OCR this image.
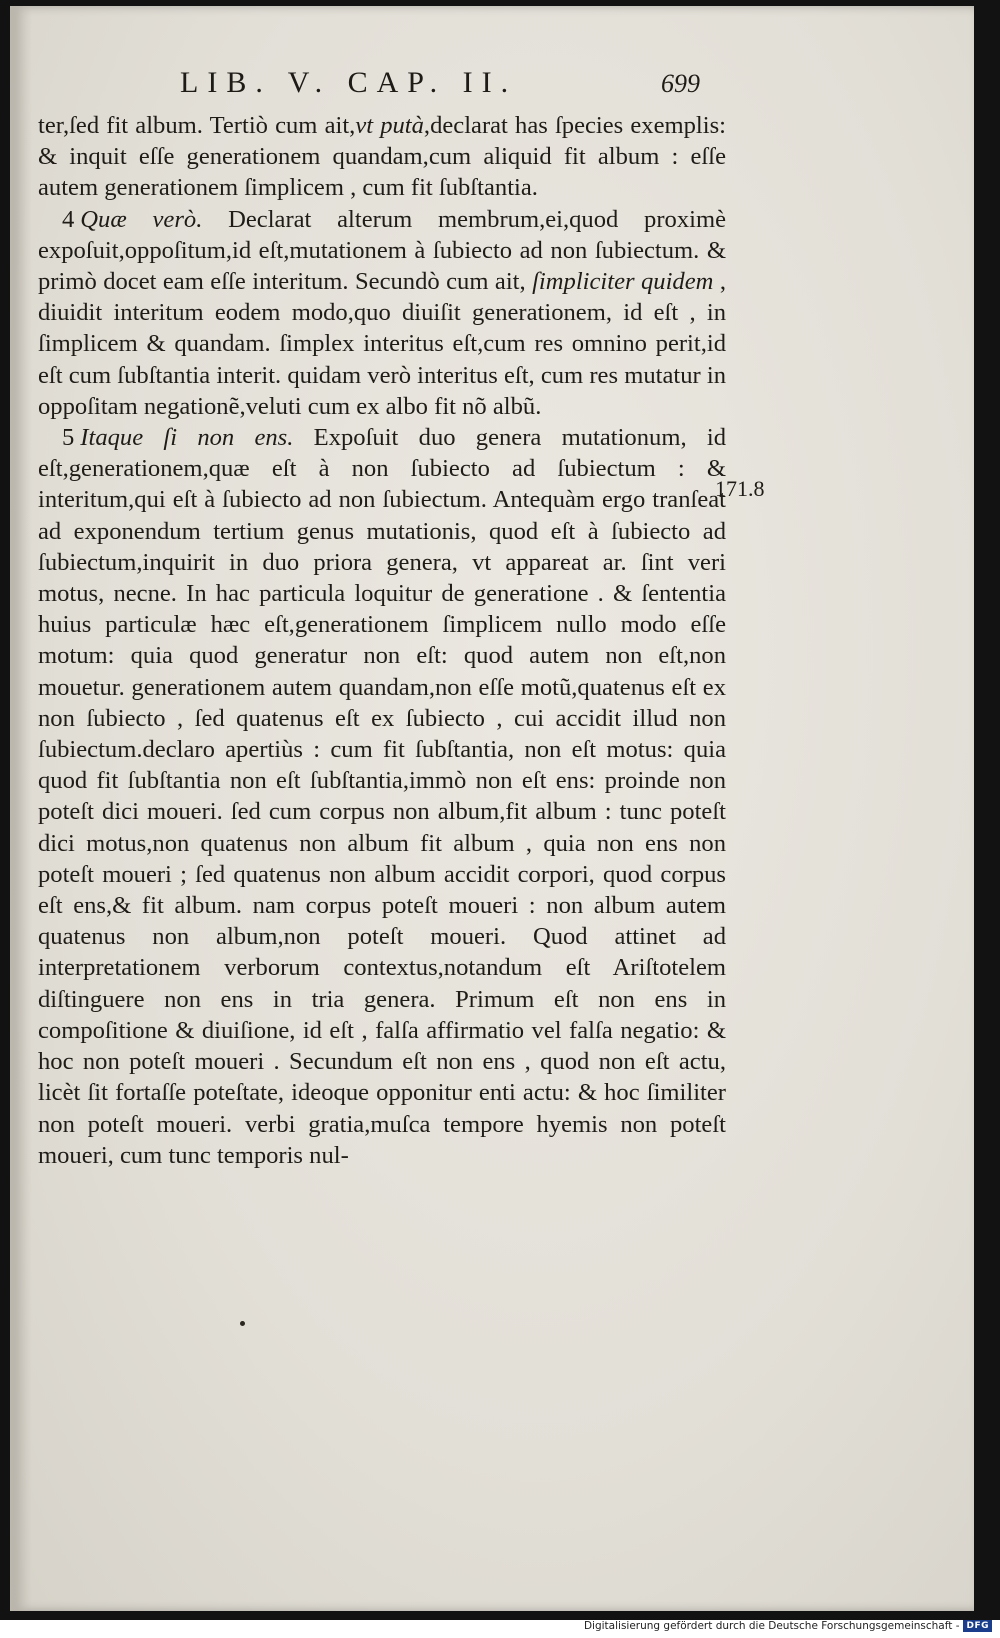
LIB. V. CAP. II.	699

ter,ſed fit album. Tertiò cum ait,vt putà,declarat has ſpecies exemplis: & inquit eſſe generationem quandam,cum aliquid fit album : eſſe autem generationem ſimplicem , cum fit ſubſtantia.

4 Quæ verò. Declarat alterum membrum,ei,quod proximè expoſuit,oppoſitum,id eſt,mutationem à ſubiecto ad non ſubiectum. & primò docet eam eſſe interitum. Secundò cum ait, ſimpliciter quidem , diuidit interitum eodem modo,quo diuiſit generationem, id eſt , in ſimplicem & quandam. ſimplex interitus eſt,cum res omnino perit,id eſt cum ſubſtantia interit. quidam verò interitus eſt, cum res mutatur in oppoſitam negationẽ,veluti cum ex albo fit nõ albũ.

5 Itaque ſi non ens. Expoſuit duo genera mutationum, id eſt,generationem,quæ eſt à non ſubiecto ad ſubiectum : & interitum,qui eſt à ſubiecto ad non ſubiectum. Antequàm ergo tranſeat ad exponendum tertium genus mutationis, quod eſt à ſubiecto ad ſubiectum,inquirit in duo priora genera, vt appareat ar. ſint veri motus, necne. In hac particula loquitur de generatione . & ſententia huius particulæ hæc eſt,generationem ſimplicem nullo modo eſſe motum: quia quod generatur non eſt: quod autem non eſt,non mouetur. generationem autem quandam,non eſſe motũ,quatenus eſt ex non ſubiecto , ſed quatenus eſt ex ſubiecto , cui accidit illud non ſubiectum.declaro apertiùs : cum fit ſubſtantia, non eſt motus: quia quod fit ſubſtantia non eſt ſubſtantia,immò non eſt ens: proinde non poteſt dici moueri. ſed cum corpus non album,fit album : tunc poteſt dici motus,non quatenus non album fit album , quia non ens non poteſt moueri ; ſed quatenus non album accidit corpori, quod corpus eſt ens,& fit album. nam corpus poteſt moueri : non album autem quatenus non album,non poteſt moueri. Quod attinet ad interpretationem verborum contextus,notandum eſt Ariſtotelem diſtinguere non ens in tria genera. Primum eſt non ens in compoſitione & diuiſione, id eſt , falſa affirmatio vel falſa negatio: & hoc non poteſt moueri . Secundum eſt non ens , quod non eſt actu, licèt ſit fortaſſe poteſtate, ideoque opponitur enti actu: & hoc ſimiliter non poteſt moueri. verbi gratia,muſca tempore hyemis non poteſt moueri, cum tunc temporis nul-

171.8
Digitalisierung gefördert durch die Deutsche Forschungsgemeinschaft - DFG
